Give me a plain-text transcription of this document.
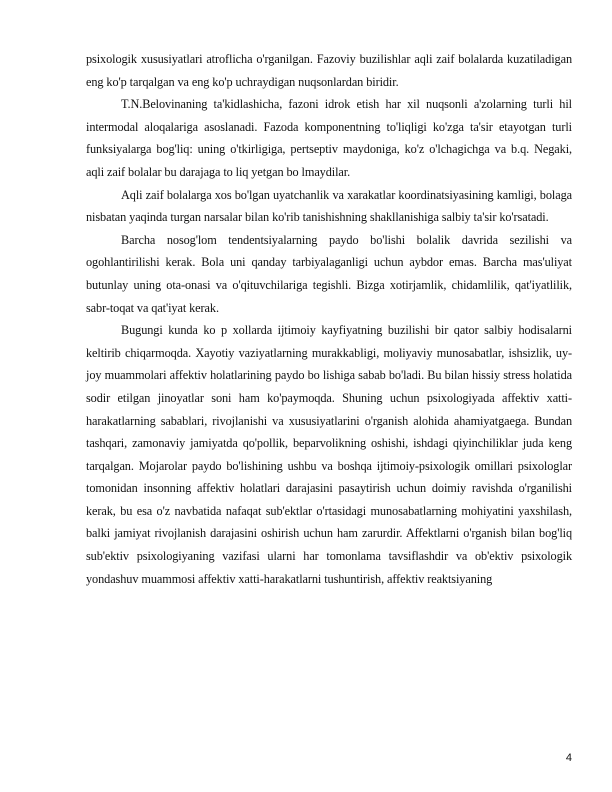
psixologik xususiyatlari atroflicha o'rganilgan. Fazoviy buzilishlar aqli zaif bolalarda kuzatiladigan eng ko'p tarqalgan va eng ko'p uchraydigan nuqsonlardan biridir.

T.N.Belovinaning ta'kidlashicha, fazoni idrok etish har xil nuqsonli a'zolarning turli hil intermodal aloqalariga asoslanadi. Fazoda komponentning to'liqligi ko'zga ta'sir etayotgan turli funksiyalarga bog'liq: uning o'tkirligiga, pertseptiv maydoniga, ko'z o'lchagichga va b.q. Negaki, aqli zaif bolalar bu darajaga to liq yetgan bo lmaydilar.

Aqli zaif bolalarga xos bo'lgan uyatchanlik va xarakatlar koordinatsiyasining kamligi, bolaga nisbatan yaqinda turgan narsalar bilan ko'rib tanishishning shakllanishiga salbiy ta'sir ko'rsatadi.

Barcha nosog'lom tendentsiyalarning paydo bo'lishi bolalik davrida sezilishi va ogohlantirilishi kerak. Bola uni qanday tarbiyalaganligi uchun aybdor emas. Barcha mas'uliyat butunlay uning ota-onasi va o'qituvchilariga tegishli. Bizga xotirjamlik, chidamlilik, qat'iyatlilik, sabr-toqat va qat'iyat kerak.

Bugungi kunda ko p xollarda ijtimoiy kayfiyatning buzilishi bir qator salbiy hodisalarni keltirib chiqarmoqda. Xayotiy vaziyatlarning murakkabligi, moliyaviy munosabatlar, ishsizlik, uy-joy muammolari affektiv holatlarining paydo bo lishiga sabab bo'ladi. Bu bilan hissiy stress holatida sodir etilgan jinoyatlar soni ham ko'paymoqda. Shuning uchun psixologiyada affektiv xatti-harakatlarning sabablari, rivojlanishi va xususiyatlarini o'rganish alohida ahamiyatgaega. Bundan tashqari, zamonaviy jamiyatda qo'pollik, beparvolikning oshishi, ishdagi qiyinchiliklar juda keng tarqalgan. Mojarolar paydo bo'lishining ushbu va boshqa ijtimoiy-psixologik omillari psixologlar tomonidan insonning affektiv holatlari darajasini pasaytirish uchun doimiy ravishda o'rganilishi kerak, bu esa o'z navbatida nafaqat sub'ektlar o'rtasidagi munosabatlarning mohiyatini yaxshilash, balki jamiyat rivojlanish darajasini oshirish uchun ham zarurdir. Affektlarni o'rganish bilan bog'liq sub'ektiv psixologiyaning vazifasi ularni har tomonlama tavsiflashdir va ob'ektiv psixologik yondashuv muammosi affektiv xatti-harakatlarni tushuntirish, affektiv reaktsiyaning

4
